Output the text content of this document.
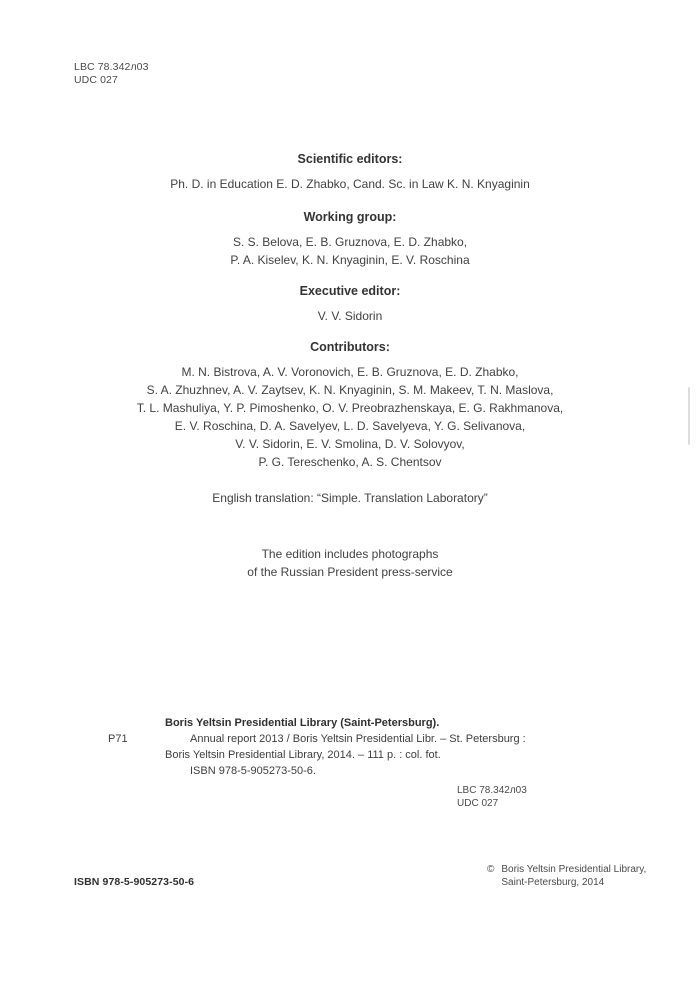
LBC 78.342л03
UDC 027
Scientific editors:
Ph. D. in Education E. D. Zhabko, Cand. Sc. in Law K. N. Knyaginin
Working group:
S. S. Belova, E. B. Gruznova, E. D. Zhabko,
P. A. Kiselev, K. N. Knyaginin, E. V. Roschina
Executive editor:
V. V. Sidorin
Contributors:
M. N. Bistrova, A. V. Voronovich, E. B. Gruznova, E. D. Zhabko,
S. A. Zhuzhnev, A. V. Zaytsev, K. N. Knyaginin, S. M. Makeev, T. N. Maslova,
T. L. Mashuliya, Y. P. Pimoshenko, O. V. Preobrazhenskaya, E. G. Rakhmanova,
E. V. Roschina, D. A. Savelyev, L. D. Savelyeva, Y. G. Selivanova,
V. V. Sidorin, E. V. Smolina, D. V. Solovyov,
P. G. Tereschenko, A. S. Chentsov
English translation: “Simple. Translation Laboratory”
The edition includes photographs
of the Russian President press-service
Boris Yeltsin Presidential Library (Saint-Petersburg).
P71	Annual report 2013 / Boris Yeltsin Presidential Libr. – St. Petersburg :
Boris Yeltsin Presidential Library, 2014. – 111 p. : col. fot.
ISBN 978-5-905273-50-6.
LBC 78.342л03
UDC 027
© Boris Yeltsin Presidential Library,
Saint-Petersburg, 2014
ISBN 978-5-905273-50-6
